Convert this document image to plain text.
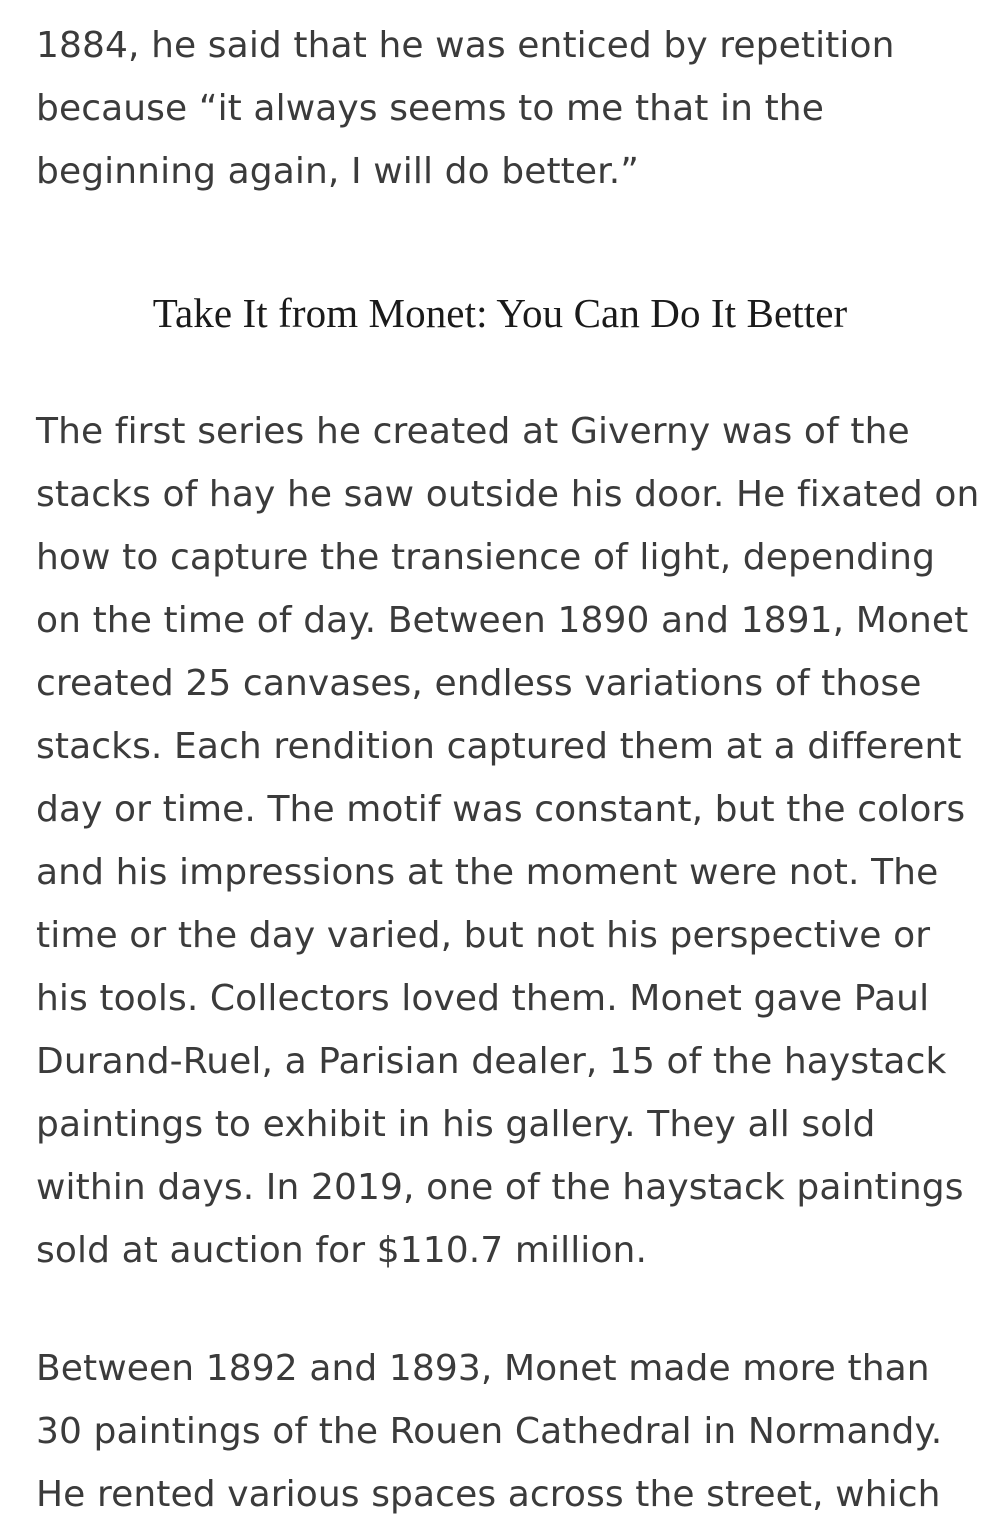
1884, he said that he was enticed by repetition
because “it always seems to me that in the
beginning again, I will do better.”

Take It from Monet: You Can Do It Better

The first series he created at Giverny was of the
stacks of hay he saw outside his door. He fixated on
how to capture the transience of light, depending
on the time of day. Between 1890 and 1891, Monet
created 25 canvases, endless variations of those
stacks. Each rendition captured them at a different
day or time. The motif was constant, but the colors
and his impressions at the moment were not. The
time or the day varied, but not his perspective or
his tools. Collectors loved them. Monet gave Paul
Durand-Ruel, a Parisian dealer, 15 of the haystack
paintings to exhibit in his gallery. They all sold
within days. In 2019, one of the haystack paintings
sold at auction for $110.7 million.

Between 1892 and 1893, Monet made more than
30 paintings of the Rouen Cathedral in Normandy.
He rented various spaces across the street, which
